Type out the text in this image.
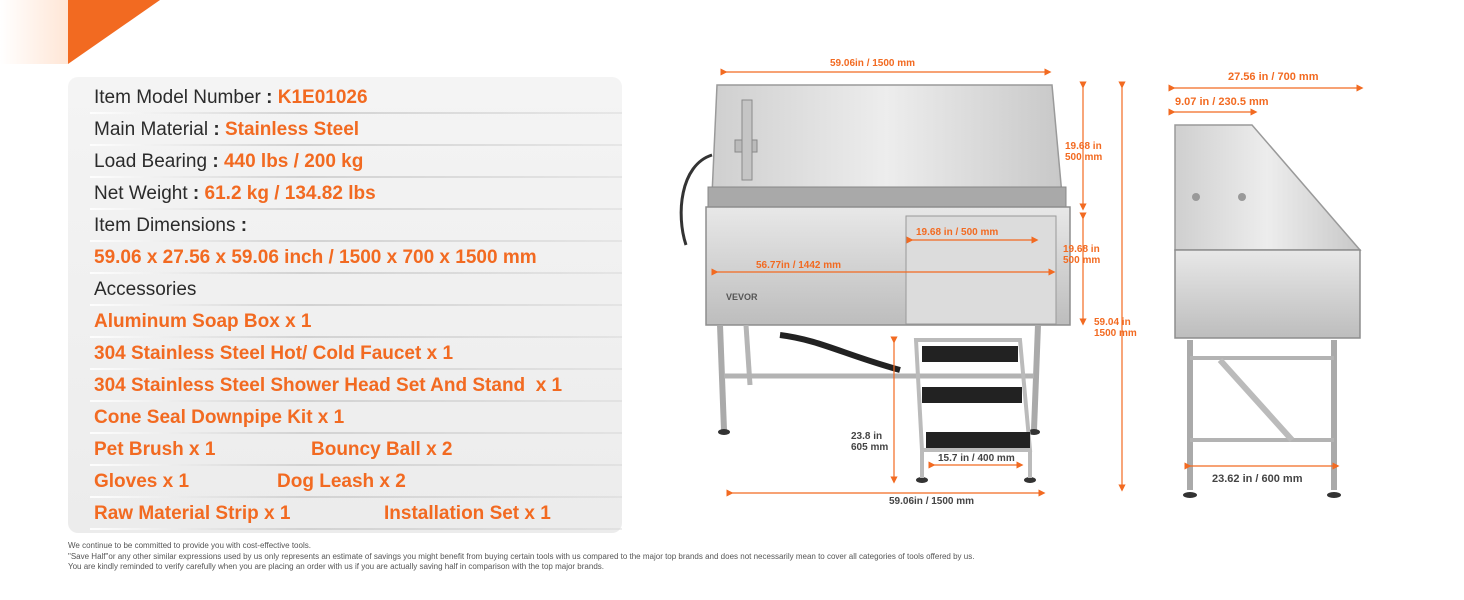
Item Model Number : K1E01026
Main Material : Stainless Steel
Load Bearing : 440 lbs / 200 kg
Net Weight : 61.2 kg / 134.82 lbs
Item Dimensions :
59.06 x 27.56 x 59.06 inch / 1500 x 700 x 1500 mm
Accessories
Aluminum Soap Box x 1
304 Stainless Steel Hot/ Cold Faucet x 1
304 Stainless Steel Shower Head Set And Stand  x 1
Cone Seal Downpipe Kit x 1
Pet Brush x 1	Bouncy Ball x 2
Gloves x 1	Dog Leash x 2
Raw Material Strip x 1	Installation Set x 1
59.06in / 1500 mm
VEVOR
56.77in / 1442 mm
19.68 in / 500 mm
19.68 in
500 mm
19.68 in
500 mm
59.04 in
1500 mm
23.8 in
605 mm
15.7 in / 400 mm
59.06in / 1500 mm
27.56 in / 700 mm
9.07 in / 230.5 mm
23.62 in / 600 mm
We continue to be committed to provide you with cost-effective tools.
"Save Half"or any other similar expressions used by us only represents an estimate of savings you might benefit from buying certain tools with us compared to the major top brands and does not necessarily mean to cover all categories of tools offered by us.
You are kindly reminded to verify carefully when you are placing an order with us if you are actually saving half in comparison with the top major brands.
